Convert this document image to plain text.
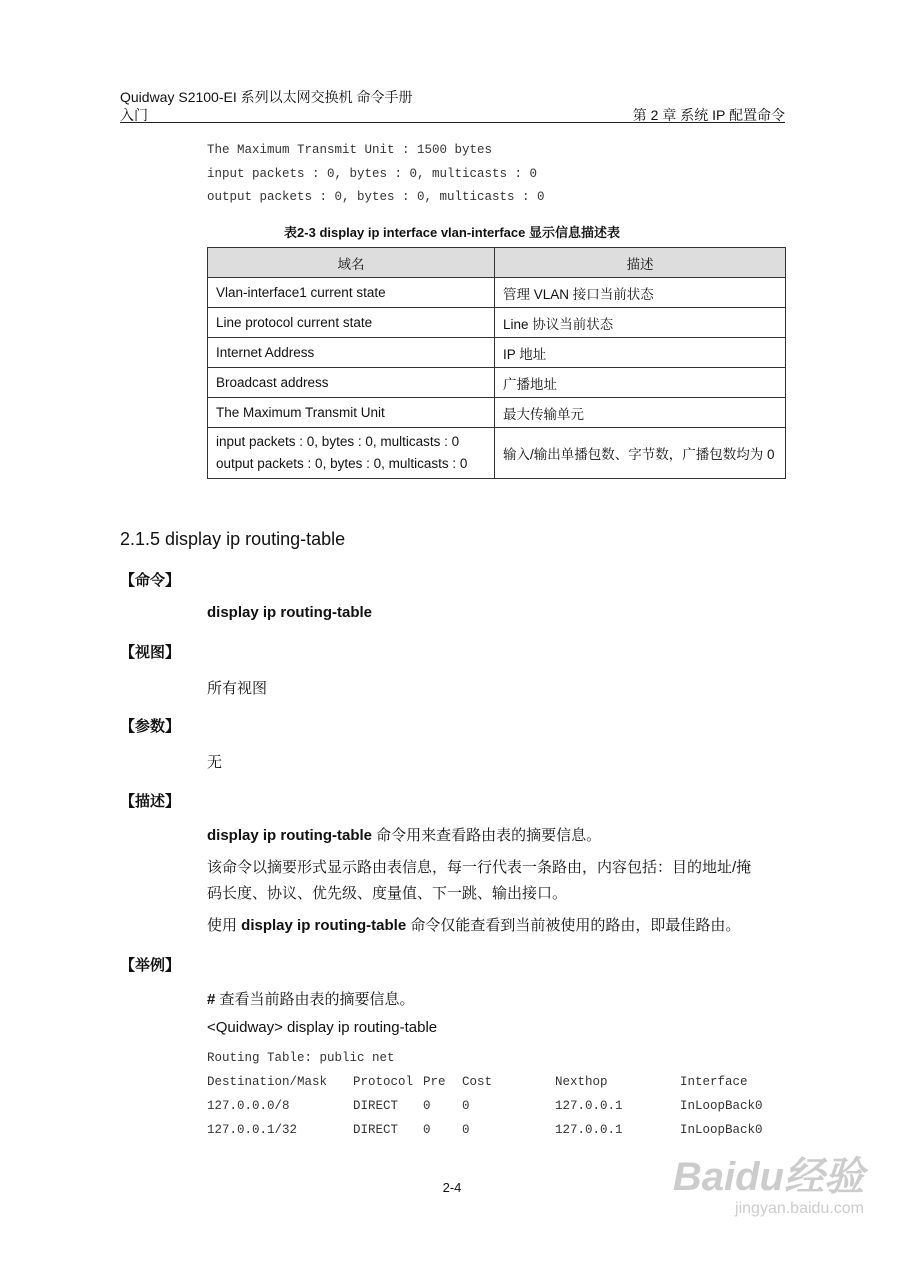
Quidway S2100-EI 系列以太网交换机 命令手册
入门	第 2 章 系统 IP 配置命令
The Maximum Transmit Unit : 1500 bytes
input packets : 0, bytes : 0, multicasts : 0
output packets : 0, bytes : 0, multicasts : 0
表2-3 display ip interface vlan-interface 显示信息描述表
域名	描述
Vlan-interface1 current state	管理 VLAN 接口当前状态
Line protocol current state	Line 协议当前状态
Internet Address	IP 地址
Broadcast address	广播地址
The Maximum Transmit Unit	最大传输单元

input packets : 0, bytes : 0, multicasts : 0
output packets : 0, bytes : 0, multicasts : 0	输入/输出单播包数、字节数，广播包数均为 0
2.1.5 display ip routing-table
【命令】
display ip routing-table
【视图】
所有视图
【参数】
无
【描述】
display ip routing-table 命令用来查看路由表的摘要信息。
该命令以摘要形式显示路由表信息，每一行代表一条路由，内容包括：目的地址/掩
码长度、协议、优先级、度量值、下一跳、输出接口。
使用 display ip routing-table 命令仅能查看到当前被使用的路由，即最佳路由。
【举例】
# 查看当前路由表的摘要信息。
<Quidway> display ip routing-table
Routing Table: public net
Destination/Mask Protocol Pre Cost	Nexthop	Interface
127.0.0.0/8	DIRECT 0	0	127.0.0.1	InLoopBack0
127.0.0.1/32	DIRECT 0	0	127.0.0.1	InLoopBack0
2-4	Baidu经验
jingyan.baidu.com
